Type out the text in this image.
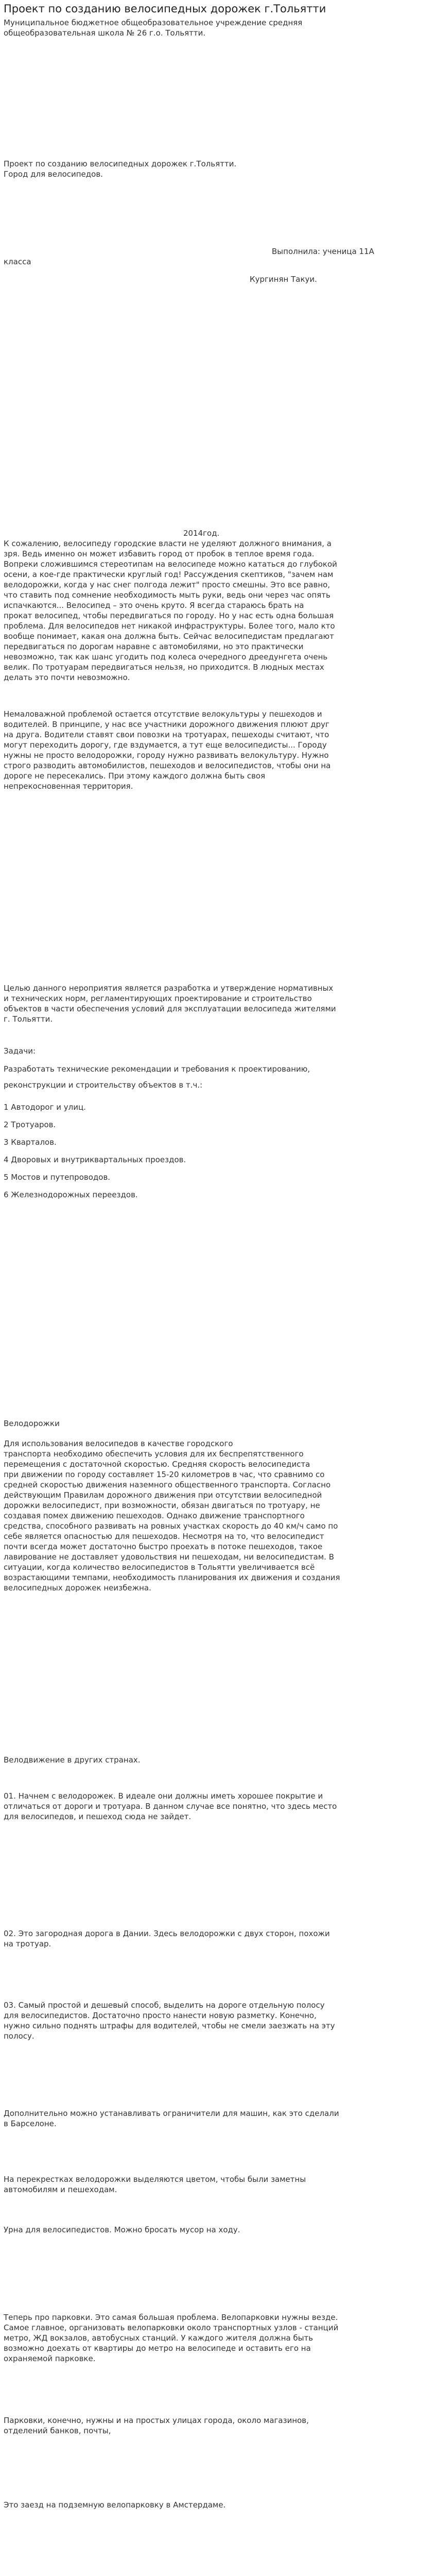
Проект по созданию велосипедных дорожек г.Тольятти

Муниципальное бюджетное общеобразовательное учреждение средняя

общеобразовательная школа № 26 г.о. Тольятти.

Проект по созданию велосипедных дорожек г.Тольятти.

Город для велосипедов.

Выполнила: ученица 11А
класса
Кургинян Такуи.
2014год.

К сожалению, велосипеду городские власти не уделяют должного внимания, а

зря. Ведь именно он может избавить город от пробок в теплое время года.

Вопреки сложившимся стереотипам на велосипеде можно кататься до глубокой

осени, а кое-где практически круглый год! Рассуждения скептиков, "зачем нам

велодорожки, когда у нас снег полгода лежит" просто смешны. Это все равно,

что ставить под сомнение необходимость мыть руки, ведь они через час опять

испачкаются... Велосипед – это очень круто. Я всегда стараюсь брать на

прокат велосипед, чтобы передвигаться по городу. Но у нас есть одна большая

проблема. Для велосипедов нет никакой инфраструктуры. Более того, мало кто

вообще понимает, какая она должна быть. Сейчас велосипедистам предлагают

передвигаться по дорогам наравне с автомобилями, но это практически

невозможно, так как шанс угодить под колеса очередного дреедунгета очень

велик. По тротуарам передвигаться нельзя, но приходится. В людных местах

делать это почти невозможно.

Немаловажной проблемой остается отсутствие велокультуры у пешеходов и

водителей. В принципе, у нас все участники дорожного движения плюют друг

на друга. Водители ставят свои повозки на тротуарах, пешеходы считают, что

могут переходить дорогу, где вздумается, а тут еще велосипедисты... Городу

нужны не просто велодорожки, городу нужно развивать велокультуру. Нужно

строго разводить автомобилистов, пешеходов и велосипедистов, чтобы они на

дороге не пересекались. При этому каждого должна быть своя

непрекосновенная территория.

Целью данного нероприятия является разработка и утверждение нормативных

и технических норм, регламентирующих проектирование и строительство

объектов в части обеспечения условий для эксплуатации велосипеда жителями

г. Тольятти.

Задачи:

Разработать технические рекомендации и требования к проектированию,

реконструкции и строительству объектов в т.ч.:

1 Автодорог и улиц.

2 Тротуаров.

3 Кварталов.

4 Дворовых и внутриквартальных проездов.

5 Мостов и путепроводов.

6 Железнодорожных переездов.

Велодорожки

Для использования велосипедов в качестве городского

транспорта необходимо обеспечить условия для их беспрепятственного

перемещения с достаточной скоростью. Средняя скорость велосипедиста

при движении по городу составляет 15-20 километров в час, что сравнимо со

средней скоростью движения наземного общественного транспорта. Согласно

действующим Правилам дорожного движения при отсутствии велосипедной

дорожки велосипедист, при возможности, обязан двигаться по тротуару, не

создавая помех движению пешеходов. Однако движение транспортного

средства, способного развивать на ровных участках скорость до 40 км/ч само по

себе является опасностью для пешеходов. Несмотря на то, что велосипедист

почти всегда может достаточно быстро проехать в потоке пешеходов, такое

лавирование не доставляет удовольствия ни пешеходам, ни велосипедистам. В

ситуации, когда количество велосипедистов в Тольятти увеличивается всё

возрастающими темпами, необходимость планирования их движения и создания

велосипедных дорожек неизбежна.

Велодвижение в других странах.

01. Начнем с велодорожек. В идеале они должны иметь хорошее покрытие и

отличаться от дороги и тротуара. В данном случае все понятно, что здесь место

для велосипедов, и пешеход сюда не зайдет.

02. Это загородная дорога в Дании. Здесь велодорожки с двух сторон, похожи

на тротуар.

03. Самый простой и дешевый способ, выделить на дороге отдельную полосу

для велосипедистов. Достаточно просто нанести новую разметку. Конечно,

нужно сильно поднять штрафы для водителей, чтобы не смели заезжать на эту

полосу.

Дополнительно можно устанавливать ограничители для машин, как это сделали

в Барселоне.

На перекрестках велодорожки выделяются цветом, чтобы были заметны

автомобилям и пешеходам.

Урна для велосипедистов. Можно бросать мусор на ходу.

Теперь про парковки. Это самая большая проблема. Велопарковки нужны везде.

Самое главное, организовать велопарковки около транспортных узлов - станций

метро, ЖД вокзалов, автобусных станций. У каждого жителя должна быть

возможно доехать от квартиры до метро на велосипеде и оставить его на

охраняемой парковке.

Парковки, конечно, нужны и на простых улицах города, около магазинов,

отделений банков, почты,

Это заезд на подземную велопарковку в Амстердаме.
